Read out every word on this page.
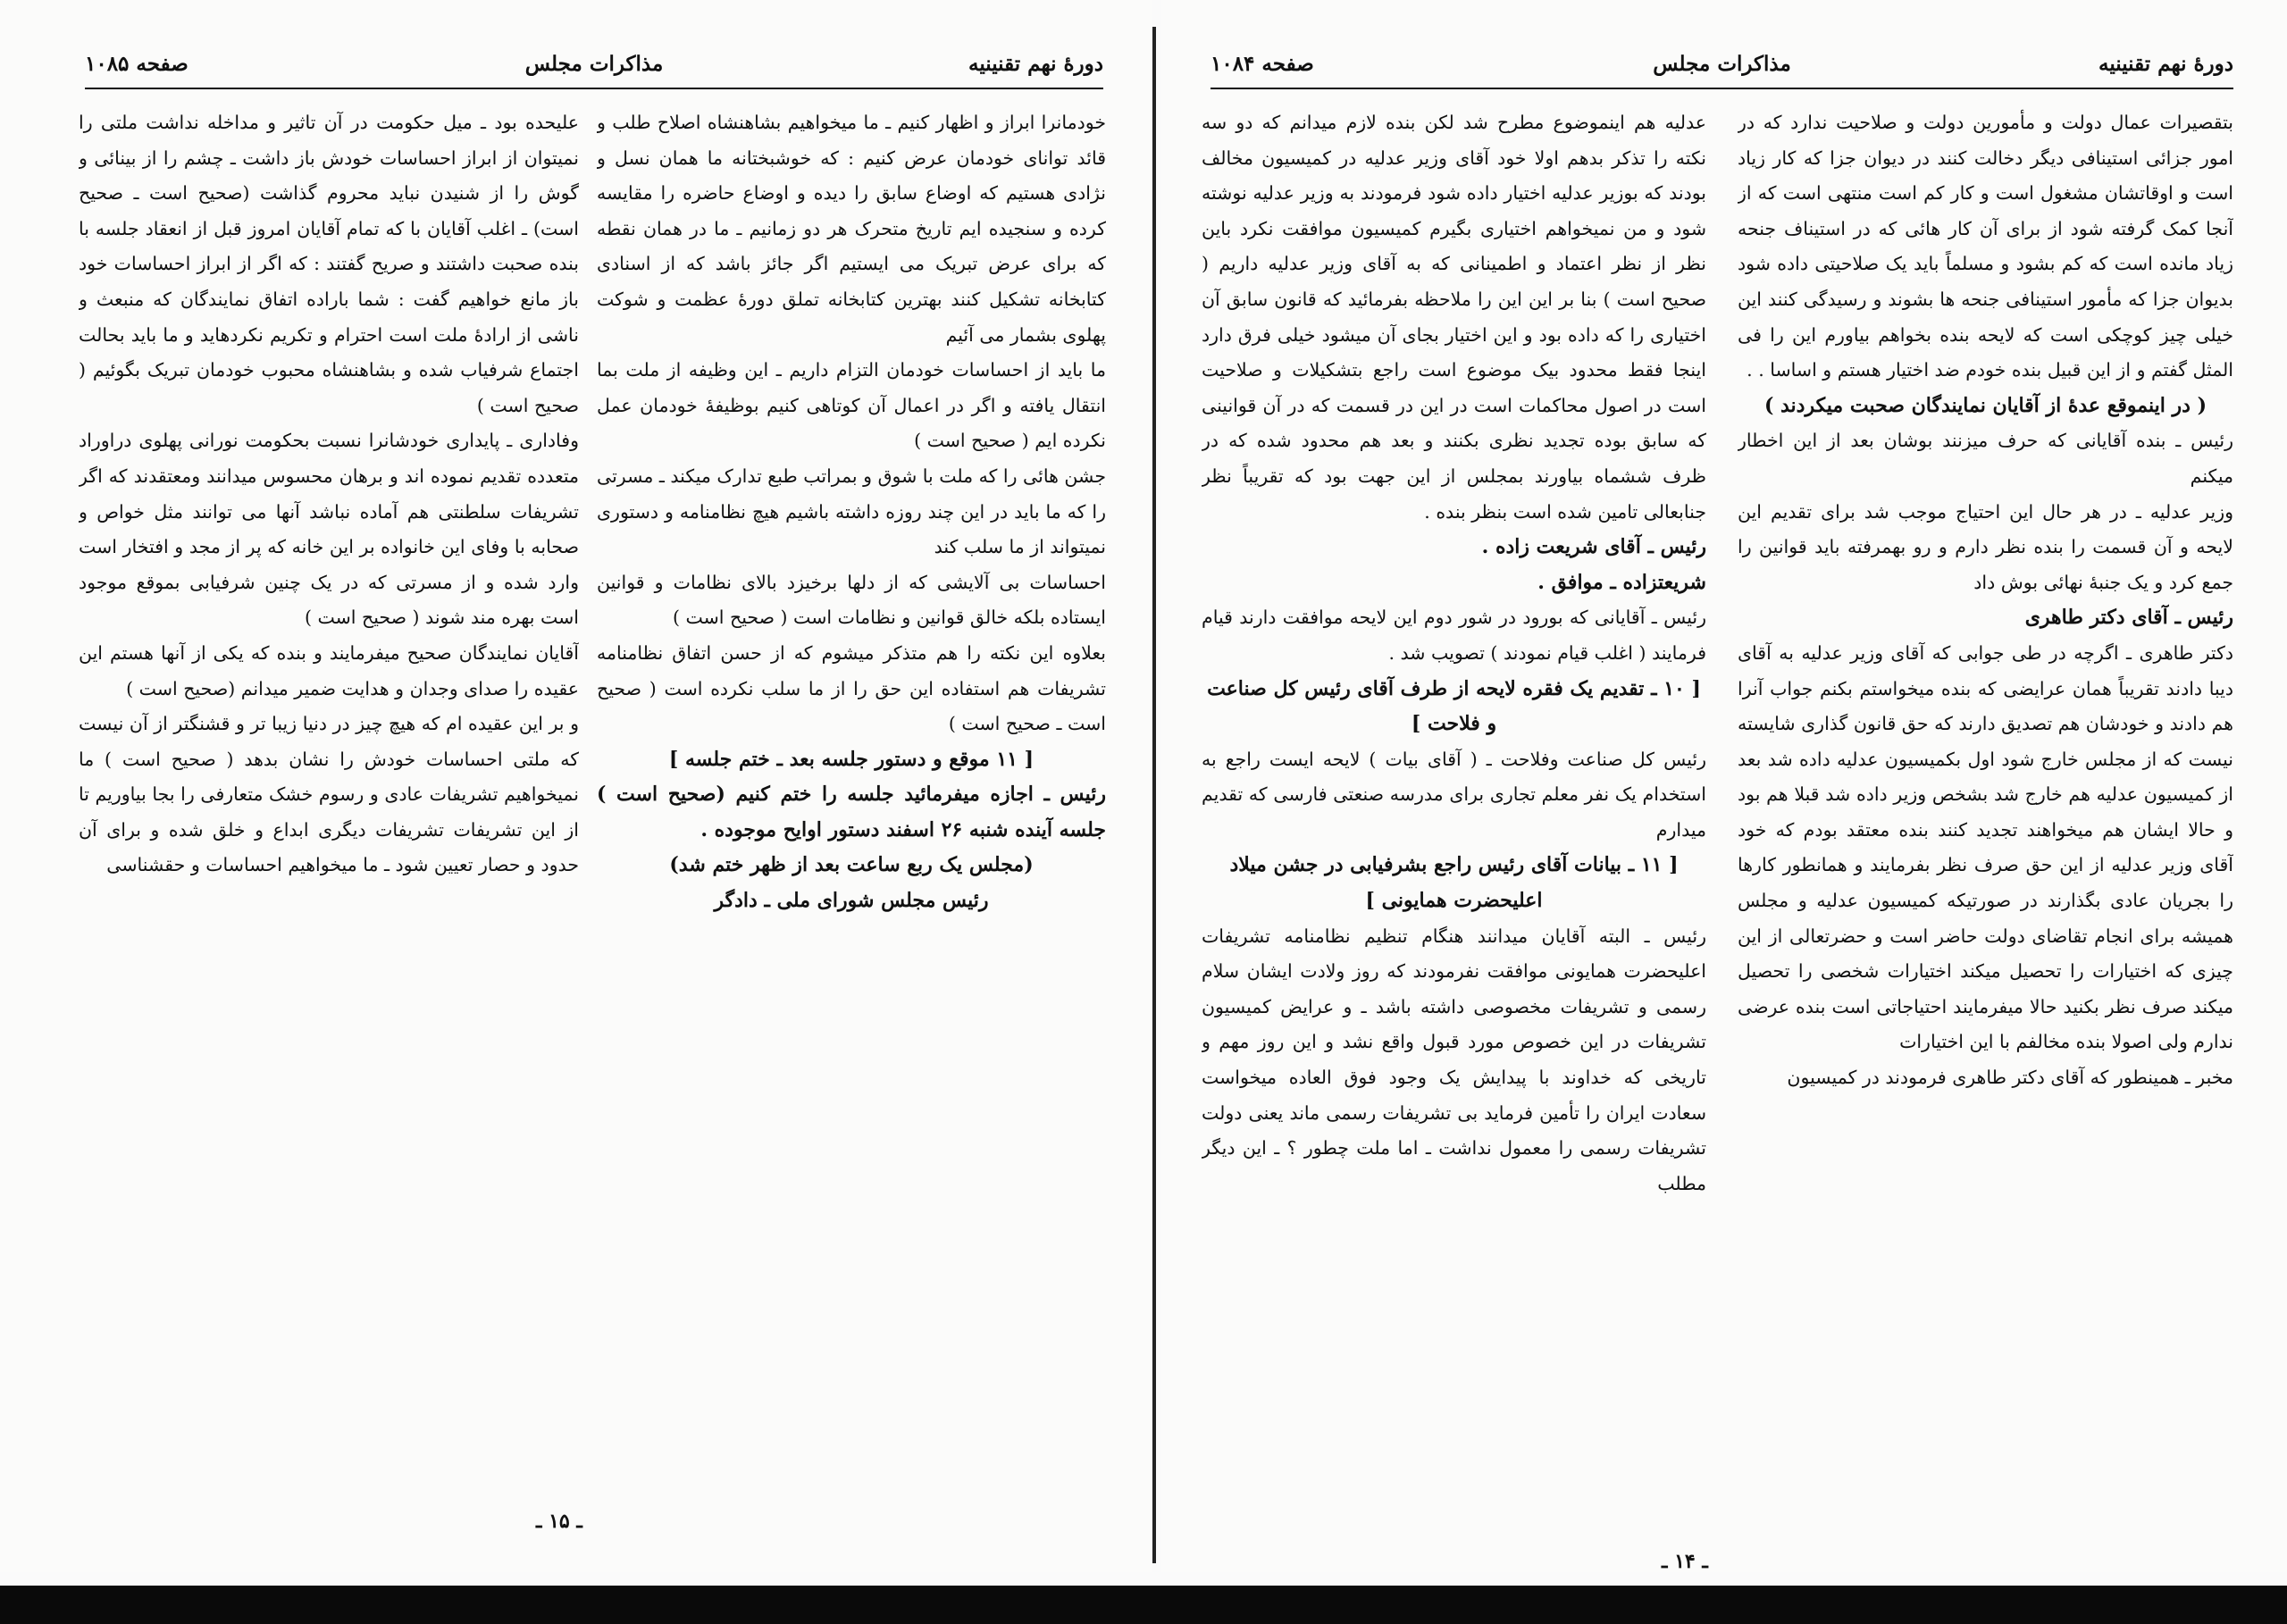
دورهٔ نهم تقنینیه
مذاکرات مجلس
صفحه ۱۰۸۵

خودمانرا ابراز و اظهار کنیم ـ ما میخواهیم بشاهنشاه اصلاح طلب و قائد توانای خودمان عرض کنیم : که خوشبختانه ما همان نسل و نژادی هستیم که اوضاع سابق را دیده و اوضاع حاضره را مقایسه کرده و سنجیده ایم تاریخ متحرک هر دو زمانیم ـ ما در همان نقطه که برای عرض تبریک می ایستیم اگر جائز باشد که از اسنادی کتابخانه تشکیل کنند بهترین کتابخانه تملق دورهٔ عظمت و شوکت پهلوی بشمار می آئیم

ما باید از احساسات خودمان التزام داریم ـ این وظیفه از ملت بما انتقال یافته و اگر در اعمال آن کوتاهی کنیم بوظیفهٔ خودمان عمل نکرده ایم ( صحیح است )

جشن هائی را که ملت با شوق و بمراتب طبع تدارک میکند ـ مسرتی را که ما باید در این چند روزه داشته باشیم هیچ نظامنامه و دستوری نمیتواند از ما سلب کند

احساسات بی آلایشی که از دلها برخیزد بالای نظامات و قوانین ایستاده بلکه خالق قوانین و نظامات است ( صحیح است )

بعلاوه این نکته را هم متذکر میشوم که از حسن اتفاق نظامنامه تشریفات هم استفاده این حق را از ما سلب نکرده است ( صحیح است ـ صحیح است )

[ ۱۱ موقع و دستور جلسه بعد ـ ختم جلسه ]

رئیس ـ اجازه میفرمائید جلسه را ختم کنیم (صحیح است ) جلسه آینده شنبه ۲۶ اسفند دستور اوایح موجوده .

(مجلس یک ربع ساعت بعد از ظهر ختم شد)

رئیس مجلس شورای ملی ـ دادگر

علیحده بود ـ میل حکومت در آن تاثیر و مداخله نداشت ملتی را نمیتوان از ابراز احساسات خودش باز داشت ـ چشم را از بینائی و گوش را از شنیدن نباید محروم گذاشت (صحیح است ـ صحیح است) ـ اغلب آقایان با که تمام آقایان امروز قبل از انعقاد جلسه با بنده صحبت داشتند و صریح گفتند : که اگر از ابراز احساسات خود باز مانع خواهیم گفت : شما باراده اتفاق نمایندگان که منبعث و ناشی از ارادهٔ ملت است احترام و تکریم نکردهاید و ما باید بحالت اجتماع شرفیاب شده و بشاهنشاه محبوب خودمان تبریک بگوئیم ( صحیح است )

وفاداری ـ پایداری خودشانرا نسبت بحکومت نورانی پهلوی دراوراد متعدده تقدیم نموده اند و برهان محسوس میدانند ومعتقدند که اگر تشریفات سلطنتی هم آماده نباشد آنها می توانند مثل خواص و صحابه با وفای این خانواده بر این خانه که پر از مجد و افتخار است وارد شده و از مسرتی که در یک چنین شرفیابی بموقع موجود است بهره مند شوند ( صحیح است )

آقایان نمایندگان صحیح میفرمایند و بنده که یکی از آنها هستم این عقیده را صدای وجدان و هدایت ضمیر میدانم (صحیح است )

و بر این عقیده ام که هیچ چیز در دنیا زیبا تر و قشنگتر از آن نیست که ملتی احساسات خودش را نشان بدهد ( صحیح است ) ما نمیخواهیم تشریفات عادی و رسوم خشک متعارفی را بجا بیاوریم تا از این تشریفات تشریفات دیگری ابداع و خلق شده و برای آن حدود و حصار تعیین شود ـ ما میخواهیم احساسات و حقشناسی

ـ ۱۵ ـ
دورهٔ نهم تقنینیه
مذاکرات مجلس
صفحه ۱۰۸۴

بتقصیرات عمال دولت و مأمورین دولت و صلاحیت ندارد که در امور جزائی استینافی دیگر دخالت کنند در دیوان جزا که کار زیاد است و اوقاتشان مشغول است و کار کم است منتهی است که از آنجا کمک گرفته شود از برای آن کار هائی که در استیناف جنحه زیاد مانده است که کم بشود و مسلماً باید یک صلاحیتی داده شود بدیوان جزا که مأمور استینافی جنحه ها بشوند و رسیدگی کنند این خیلی چیز کوچکی است که لایحه بنده بخواهم بیاورم این را فی المثل گفتم و از این قبیل بنده خودم ضد اختیار هستم و اساسا . .

( در اینموقع عدهٔ از آقایان نمایندگان صحبت میکردند )

رئیس ـ بنده آقایانی که حرف میزنند بوشان بعد از این اخطار میکنم

وزیر عدلیه ـ در هر حال این احتیاج موجب شد برای تقدیم این لایحه و آن قسمت را بنده نظر دارم و رو بهمرفته باید قوانین را جمع کرد و یک جنبهٔ نهائی بوش داد

رئیس ـ آقای دکتر طاهری

دکتر طاهری ـ اگرچه در طی جوابی که آقای وزیر عدلیه به آقای دیبا دادند تقریباً همان عرایضی که بنده میخواستم بکنم جواب آنرا هم دادند و خودشان هم تصدیق دارند که حق قانون گذاری شایسته نیست که از مجلس خارج شود اول بکمیسیون عدلیه داده شد بعد از کمیسیون عدلیه هم خارج شد بشخص وزیر داده شد قبلا هم بود و حالا ایشان هم میخواهند تجدید کنند بنده معتقد بودم که خود آقای وزیر عدلیه از این حق صرف نظر بفرمایند و همانطور کارها را بجریان عادی بگذارند در صورتیکه کمیسیون عدلیه و مجلس همیشه برای انجام تقاضای دولت حاضر است و حضرتعالی از این چیزی که اختیارات را تحصیل میکند اختیارات شخصی را تحصیل میکند صرف نظر بکنید حالا میفرمایند احتیاجاتی است بنده عرضی ندارم ولی اصولا بنده مخالفم با این اختیارات

مخبر ـ همینطور که آقای دکتر طاهری فرمودند در کمیسیون

عدلیه هم اینموضوع مطرح شد لکن بنده لازم میدانم که دو سه نکته را تذکر بدهم اولا خود آقای وزیر عدلیه در کمیسیون مخالف بودند که بوزیر عدلیه اختیار داده شود فرمودند به وزیر عدلیه نوشته شود و من نمیخواهم اختیاری بگیرم کمیسیون موافقت نکرد باین نظر از نظر اعتماد و اطمینانی که به آقای وزیر عدلیه داریم ( صحیح است ) بنا بر این این را ملاحظه بفرمائید که قانون سابق آن اختیاری را که داده بود و این اختیار بجای آن میشود خیلی فرق دارد اینجا فقط محدود بیک موضوع است راجع بتشکیلات و صلاحیت است در اصول محاکمات است در این در قسمت که در آن قوانینی که سابق بوده تجدید نظری بکنند و بعد هم محدود شده که در ظرف ششماه بیاورند بمجلس از این جهت بود که تقریباً نظر جنابعالی تامین شده است بنظر بنده .

رئیس ـ آقای شریعت زاده .

شریعتزاده ـ موافق .

رئیس ـ آقایانی که بورود در شور دوم این لایحه موافقت دارند قیام فرمایند ( اغلب قیام نمودند ) تصویب شد .

[ ۱۰ ـ تقدیم یک فقره لایحه از طرف آقای رئیس کل صناعت و فلاحت ]

رئیس کل صناعت وفلاحت ـ ( آقای بیات ) لایحه ایست راجع به استخدام یک نفر معلم تجاری برای مدرسه صنعتی فارسی که تقدیم میدارم

[ ۱۱ ـ بیانات آقای رئیس راجع بشرفیابی در جشن میلاد اعلیحضرت همایونی ]

رئیس ـ البته آقایان میدانند هنگام تنظیم نظامنامه تشریفات اعلیحضرت همایونی موافقت نفرمودند که روز ولادت ایشان سلام رسمی و تشریفات مخصوصی داشته باشد ـ و عرایض کمیسیون تشریفات در این خصوص مورد قبول واقع نشد و این روز مهم و تاریخی که خداوند با پیدایش یک وجود فوق العاده میخواست سعادت ایران را تأمین فرماید بی تشریفات رسمی ماند یعنی دولت تشریفات رسمی را معمول نداشت ـ اما ملت چطور ؟ ـ این دیگر مطلب

ـ ۱۴ ـ
